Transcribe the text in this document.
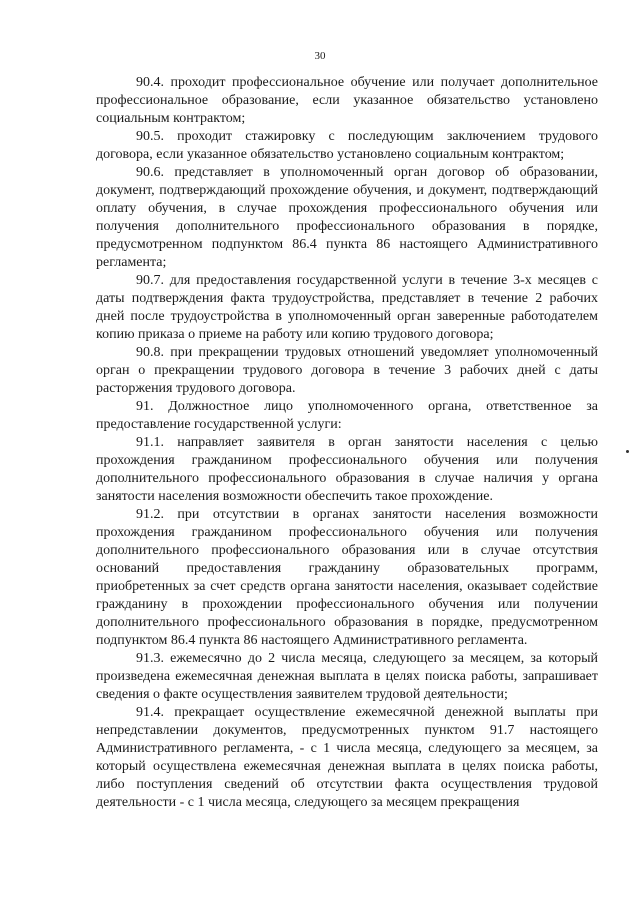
30

90.4. проходит профессиональное обучение или получает дополнительное профессиональное образование, если указанное обязательство установлено социальным контрактом;

90.5. проходит стажировку с последующим заключением трудового договора, если указанное обязательство установлено социальным контрактом;

90.6. представляет в уполномоченный орган договор об образовании, документ, подтверждающий прохождение обучения, и документ, подтверждающий оплату обучения, в случае прохождения профессионального обучения или получения дополнительного профессионального образования в порядке, предусмотренном подпунктом 86.4 пункта 86 настоящего Административного регламента;

90.7. для предоставления государственной услуги в течение 3-х месяцев с даты подтверждения факта трудоустройства, представляет в течение 2 рабочих дней после трудоустройства в уполномоченный орган заверенные работодателем копию приказа о приеме на работу или копию трудового договора;

90.8. при прекращении трудовых отношений уведомляет уполномоченный орган о прекращении трудового договора в течение 3 рабочих дней с даты расторжения трудового договора.

91. Должностное лицо уполномоченного органа, ответственное за предоставление государственной услуги:

91.1. направляет заявителя в орган занятости населения с целью прохождения гражданином профессионального обучения или получения дополнительного профессионального образования в случае наличия у органа занятости населения возможности обеспечить такое прохождение.

91.2. при отсутствии в органах занятости населения возможности прохождения гражданином профессионального обучения или получения дополнительного профессионального образования или в случае отсутствия оснований предоставления гражданину образовательных программ, приобретенных за счет средств органа занятости населения, оказывает содействие гражданину в прохождении профессионального обучения или получении дополнительного профессионального образования в порядке, предусмотренном подпунктом 86.4 пункта 86 настоящего Административного регламента.

91.3. ежемесячно до 2 числа месяца, следующего за месяцем, за который произведена ежемесячная денежная выплата в целях поиска работы, запрашивает сведения о факте осуществления заявителем трудовой деятельности;

91.4. прекращает осуществление ежемесячной денежной выплаты при непредставлении документов, предусмотренных пунктом 91.7 настоящего Административного регламента, - с 1 числа месяца, следующего за месяцем, за который осуществлена ежемесячная денежная выплата в целях поиска работы, либо поступления сведений об отсутствии факта осуществления трудовой деятельности - с 1 числа месяца, следующего за месяцем прекращения
